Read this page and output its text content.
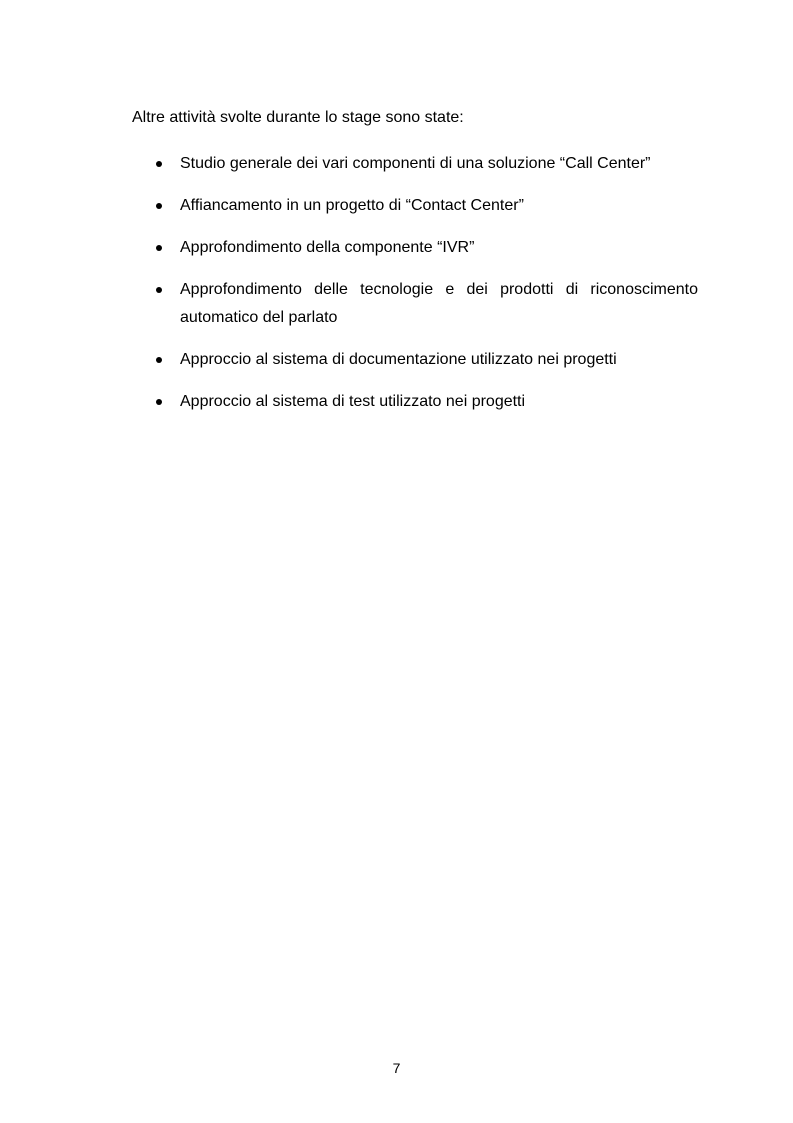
Altre attività svolte durante lo stage sono state:
Studio generale dei vari componenti di una soluzione “Call Center”
Affiancamento in un progetto di “Contact Center”
Approfondimento della componente “IVR”
Approfondimento delle tecnologie e dei prodotti di riconoscimento automatico del parlato
Approccio al sistema di documentazione utilizzato nei progetti
Approccio al sistema di test utilizzato nei progetti
7
